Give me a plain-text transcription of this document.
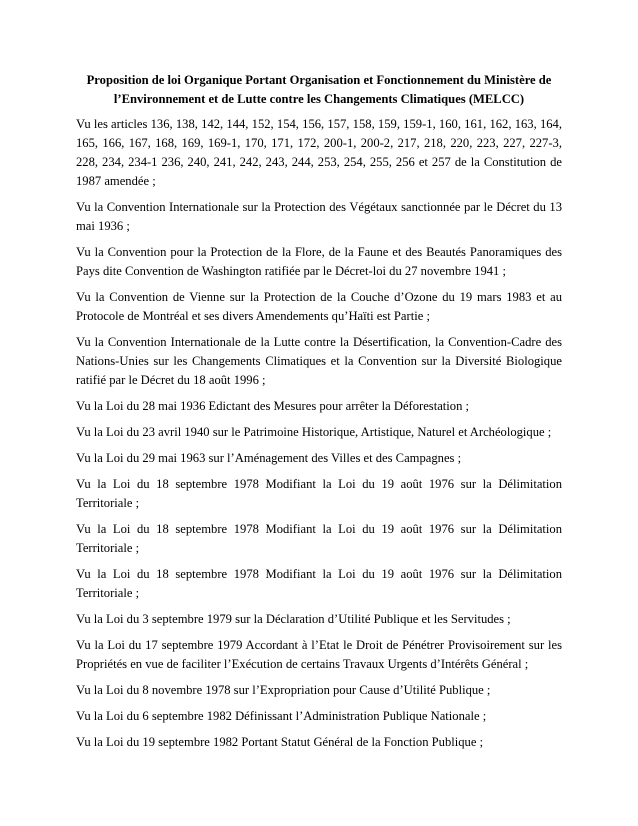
Proposition de loi Organique Portant Organisation et Fonctionnement du Ministère de l’Environnement et de Lutte contre les Changements Climatiques (MELCC)

Vu les articles 136, 138, 142, 144, 152, 154, 156, 157, 158, 159, 159-1, 160, 161, 162, 163, 164, 165, 166, 167, 168, 169, 169-1, 170, 171, 172, 200-1, 200-2, 217, 218, 220, 223, 227, 227-3, 228, 234, 234-1 236, 240, 241, 242, 243, 244, 253, 254, 255, 256 et 257 de la Constitution de 1987 amendée ;

Vu la Convention Internationale sur la Protection des Végétaux sanctionnée par le Décret du 13 mai 1936 ;

Vu la Convention pour la Protection de la Flore, de la Faune et des Beautés Panoramiques des Pays dite Convention de Washington ratifiée par le Décret-loi du 27 novembre 1941 ;

Vu la Convention de Vienne sur la Protection de la Couche d’Ozone du 19 mars 1983 et au Protocole de Montréal et ses divers Amendements qu’Haïti est Partie ;

Vu la Convention Internationale de la Lutte contre la Désertification, la Convention-Cadre des Nations-Unies sur les Changements Climatiques et la Convention sur la Diversité Biologique ratifié par le Décret du 18 août 1996 ;

Vu la Loi du 28 mai 1936 Edictant des Mesures pour arrêter la Déforestation ;

Vu la Loi du 23 avril 1940 sur le Patrimoine Historique, Artistique, Naturel et Archéologique ;

Vu la Loi du 29 mai 1963 sur l’Aménagement des Villes et des Campagnes ;

Vu la Loi du 18 septembre 1978 Modifiant la Loi du 19 août 1976 sur la Délimitation Territoriale ;

Vu la Loi du 18 septembre 1978 Modifiant la Loi du 19 août 1976 sur la Délimitation Territoriale ;

Vu la Loi du 18 septembre 1978 Modifiant la Loi du 19 août 1976 sur la Délimitation Territoriale ;

Vu la Loi du 3 septembre 1979 sur la Déclaration d’Utilité Publique et les Servitudes ;

Vu la Loi du 17 septembre 1979 Accordant à l’Etat le Droit de Pénétrer Provisoirement sur les Propriétés en vue de faciliter l’Exécution de certains Travaux Urgents d’Intérêts Général ;

Vu la Loi du 8 novembre 1978 sur l’Expropriation pour Cause d’Utilité Publique ;

Vu la Loi du 6 septembre 1982 Définissant l’Administration Publique Nationale ;

Vu la Loi du 19 septembre 1982 Portant Statut Général de la Fonction Publique ;
